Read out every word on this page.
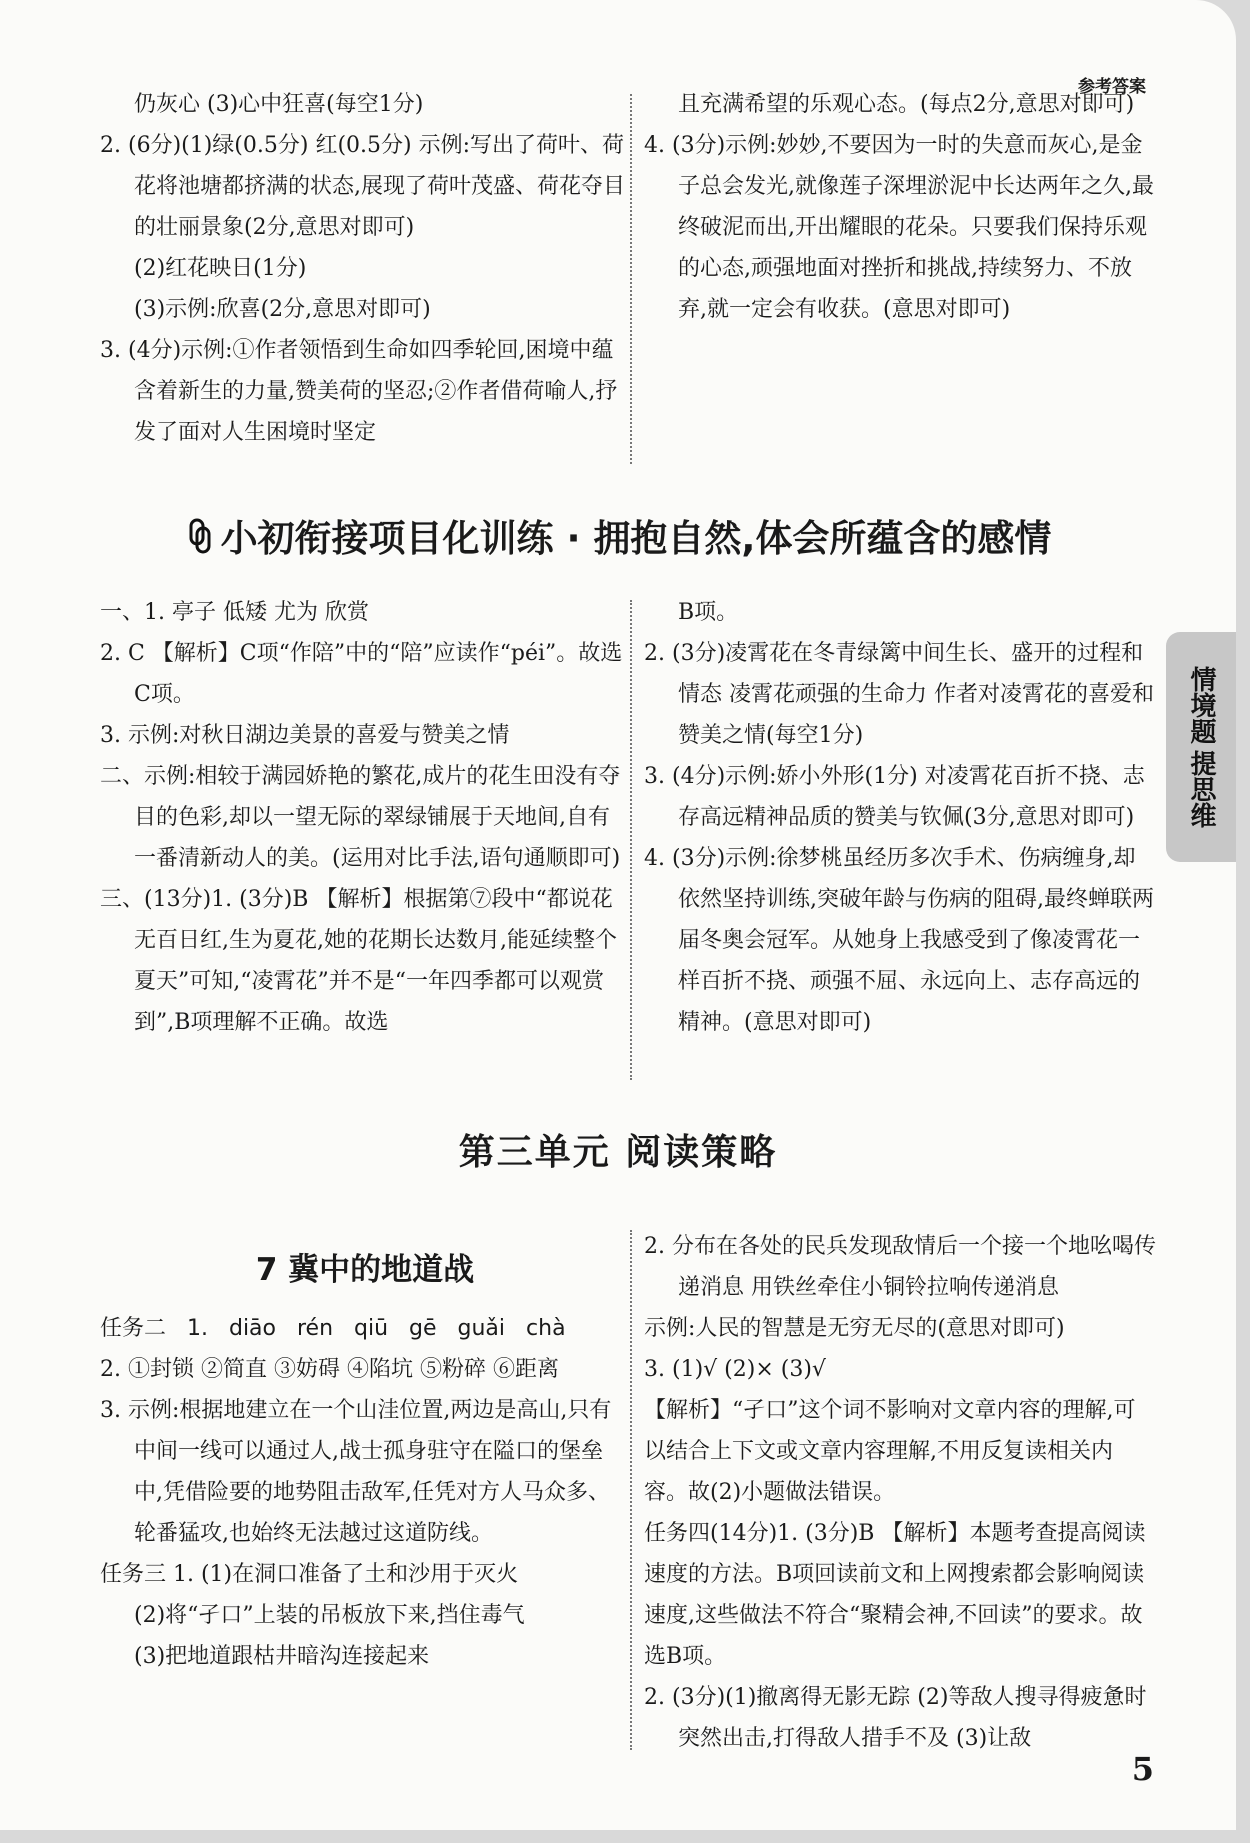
参考答案

仍灰心 (3)心中狂喜(每空1分)

2. (6分)(1)绿(0.5分) 红(0.5分) 示例:写出了荷叶、荷花将池塘都挤满的状态,展现了荷叶茂盛、荷花夺目的壮丽景象(2分,意思对即可)

(2)红花映日(1分)

(3)示例:欣喜(2分,意思对即可)

3. (4分)示例:①作者领悟到生命如四季轮回,困境中蕴含着新生的力量,赞美荷的坚忍;②作者借荷喻人,抒发了面对人生困境时坚定

且充满希望的乐观心态。(每点2分,意思对即可)

4. (3分)示例:妙妙,不要因为一时的失意而灰心,是金子总会发光,就像莲子深埋淤泥中长达两年之久,最终破泥而出,开出耀眼的花朵。只要我们保持乐观的心态,顽强地面对挫折和挑战,持续努力、不放弃,就一定会有收获。(意思对即可)

小初衔接项目化训练 · 拥抱自然,体会所蕴含的感情

一、1. 亭子 低矮 尤为 欣赏

2. C 【解析】C项“作陪”中的“陪”应读作“péi”。故选C项。

3. 示例:对秋日湖边美景的喜爱与赞美之情

二、示例:相较于满园娇艳的繁花,成片的花生田没有夺目的色彩,却以一望无际的翠绿铺展于天地间,自有一番清新动人的美。(运用对比手法,语句通顺即可)

三、(13分)1. (3分)B 【解析】根据第⑦段中“都说花无百日红,生为夏花,她的花期长达数月,能延续整个夏天”可知,“凌霄花”并不是“一年四季都可以观赏到”,B项理解不正确。故选

B项。

2. (3分)凌霄花在冬青绿篱中间生长、盛开的过程和情态 凌霄花顽强的生命力 作者对凌霄花的喜爱和赞美之情(每空1分)

3. (4分)示例:娇小外形(1分) 对凌霄花百折不挠、志存高远精神品质的赞美与钦佩(3分,意思对即可)

4. (3分)示例:徐梦桃虽经历多次手术、伤病缠身,却依然坚持训练,突破年龄与伤病的阻碍,最终蝉联两届冬奥会冠军。从她身上我感受到了像凌霄花一样百折不挠、顽强不屈、永远向上、志存高远的精神。(意思对即可)

第三单元 阅读策略
7 冀中的地道战

任务二 1. diāo rén qiū gē guǎi chà

2. ①封锁 ②简直 ③妨碍 ④陷坑 ⑤粉碎 ⑥距离

3. 示例:根据地建立在一个山洼位置,两边是高山,只有中间一线可以通过人,战士孤身驻守在隘口的堡垒中,凭借险要的地势阻击敌军,任凭对方人马众多、轮番猛攻,也始终无法越过这道防线。

任务三 1. (1)在洞口准备了土和沙用于灭火

(2)将“孑口”上装的吊板放下来,挡住毒气

(3)把地道跟枯井暗沟连接起来

2. 分布在各处的民兵发现敌情后一个接一个地吆喝传递消息 用铁丝牵住小铜铃拉响传递消息

示例:人民的智慧是无穷无尽的(意思对即可)

3. (1)√ (2)× (3)√

【解析】“孑口”这个词不影响对文章内容的理解,可以结合上下文或文章内容理解,不用反复读相关内容。故(2)小题做法错误。

任务四(14分)1. (3分)B 【解析】本题考查提高阅读速度的方法。B项回读前文和上网搜索都会影响阅读速度,这些做法不符合“聚精会神,不回读”的要求。故选B项。

2. (3分)(1)撤离得无影无踪 (2)等敌人搜寻得疲惫时突然出击,打得敌人措手不及 (3)让敌

情境题
提思维
5
